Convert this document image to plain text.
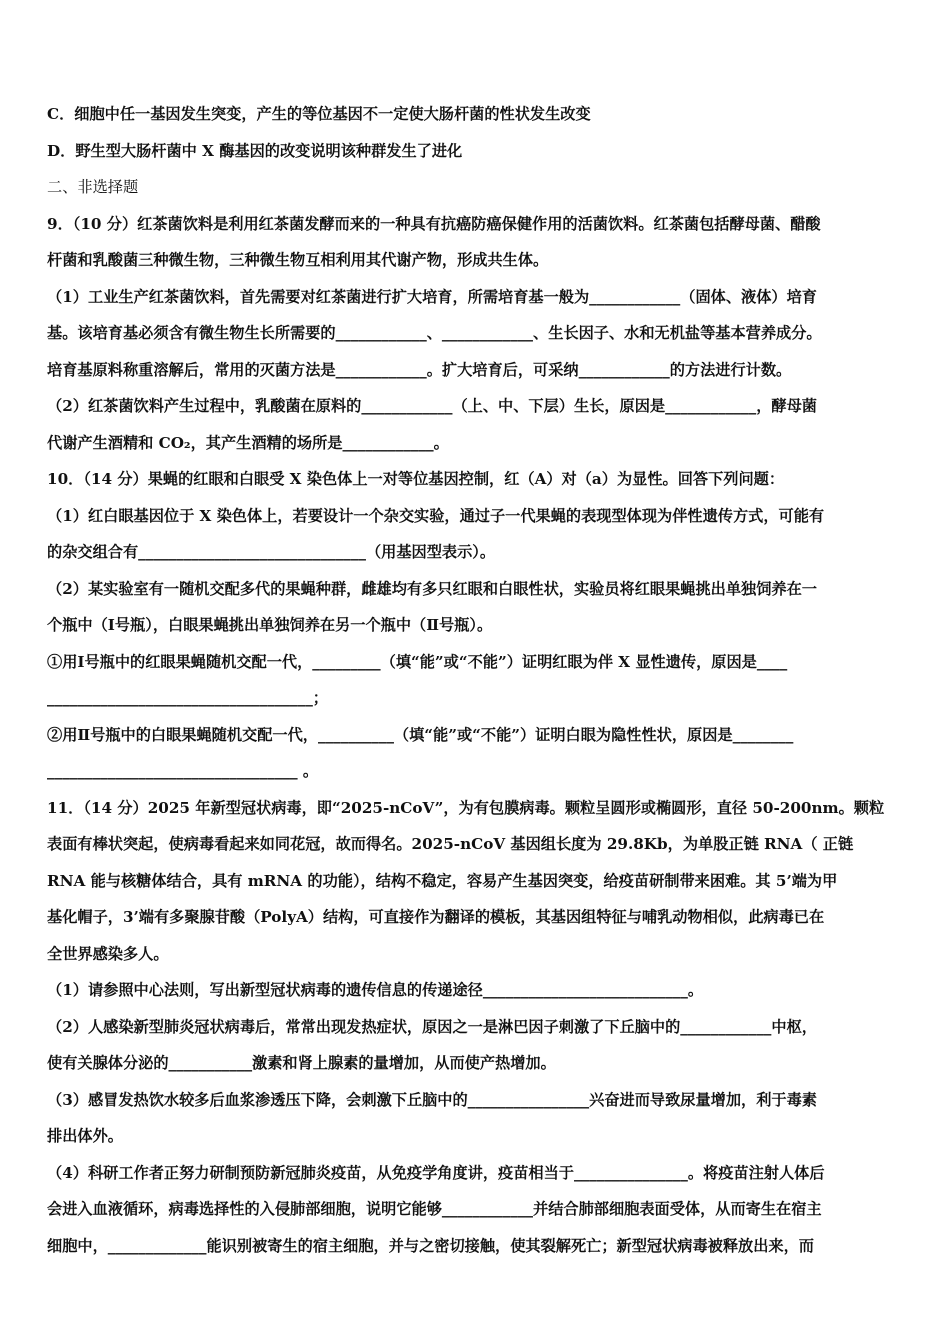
C．细胞中任一基因发生突变，产生的等位基因不一定使大肠杆菌的性状发生改变
D．野生型大肠杆菌中 X 酶基因的改变说明该种群发生了进化
二、非选择题
9．（10 分）红茶菌饮料是利用红茶菌发酵而来的一种具有抗癌防癌保健作用的活菌饮料。红茶菌包括酵母菌、醋酸
杆菌和乳酸菌三种微生物，三种微生物互相利用其代谢产物，形成共生体。
（1）工业生产红茶菌饮料，首先需要对红茶菌进行扩大培育，所需培育基一般为____________（固体、液体）培育
基。该培育基必须含有微生物生长所需要的____________、____________、生长因子、水和无机盐等基本营养成分。
培育基原料称重溶解后，常用的灭菌方法是____________。扩大培育后，可采纳____________的方法进行计数。
（2）红茶菌饮料产生过程中，乳酸菌在原料的____________（上、中、下层）生长，原因是____________，酵母菌
代谢产生酒精和 CO₂，其产生酒精的场所是____________。
10．（14 分）果蝇的红眼和白眼受 X 染色体上一对等位基因控制，红（A）对（a）为显性。回答下列问题：
（1）红白眼基因位于 X 染色体上，若要设计一个杂交实验，通过子一代果蝇的表现型体现为伴性遗传方式，可能有
的杂交组合有______________________________（用基因型表示）。
（2）某实验室有一随机交配多代的果蝇种群，雌雄均有多只红眼和白眼性状，实验员将红眼果蝇挑出单独饲养在一
个瓶中（Ⅰ号瓶），白眼果蝇挑出单独饲养在另一个瓶中（Ⅱ号瓶）。
①用Ⅰ号瓶中的红眼果蝇随机交配一代，_________（填“能”或“不能”）证明红眼为伴 X 显性遗传，原因是____
___________________________________；
②用Ⅱ号瓶中的白眼果蝇随机交配一代，__________（填“能”或“不能”）证明白眼为隐性性状，原因是________
_________________________________ 。
11．（14 分）2025 年新型冠状病毒，即“2025-nCoV”，为有包膜病毒。颗粒呈圆形或椭圆形，直径 50-200nm。颗粒
表面有棒状突起，使病毒看起来如同花冠，故而得名。2025-nCoV 基因组长度为 29.8Kb，为单股正链 RNA（ 正链
RNA 能与核糖体结合，具有 mRNA 的功能），结构不稳定，容易产生基因突变，给疫苗研制带来困难。其 5’端为甲
基化帽子，3’端有多聚腺苷酸（PolyA）结构，可直接作为翻译的模板，其基因组特征与哺乳动物相似，此病毒已在
全世界感染多人。
（1）请参照中心法则，写出新型冠状病毒的遗传信息的传递途径___________________________。
（2）人感染新型肺炎冠状病毒后，常常出现发热症状，原因之一是淋巴因子刺激了下丘脑中的____________中枢，
使有关腺体分泌的___________激素和肾上腺素的量增加，从而使产热增加。
（3）感冒发热饮水较多后血浆渗透压下降，会刺激下丘脑中的________________兴奋进而导致尿量增加，利于毒素
排出体外。
（4）科研工作者正努力研制预防新冠肺炎疫苗，从免疫学角度讲，疫苗相当于_______________。将疫苗注射人体后
会进入血液循环，病毒选择性的入侵肺部细胞，说明它能够____________并结合肺部细胞表面受体，从而寄生在宿主
细胞中，_____________能识别被寄生的宿主细胞，并与之密切接触，使其裂解死亡；新型冠状病毒被释放出来，而
